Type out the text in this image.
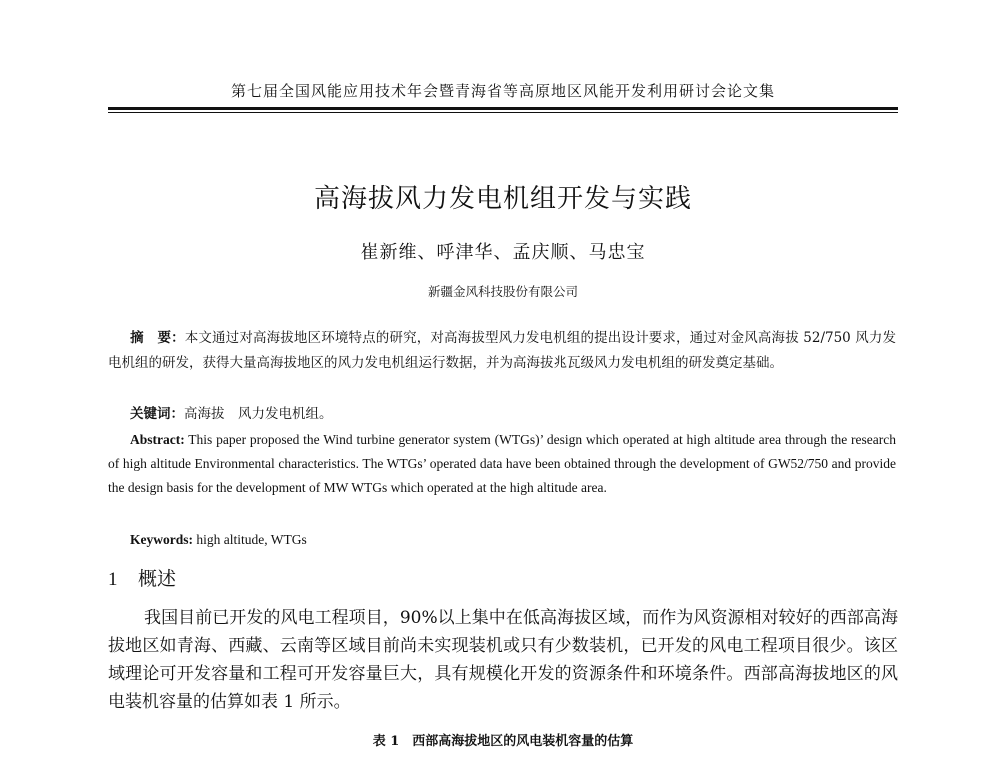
第七届全国风能应用技术年会暨青海省等高原地区风能开发利用研讨会论文集
高海拔风力发电机组开发与实践
崔新维、呼津华、孟庆顺、马忠宝
新疆金风科技股份有限公司
摘　要：本文通过对高海拔地区环境特点的研究，对高海拔型风力发电机组的提出设计要求，通过对金风高海拔 52/750 风力发电机组的研发，获得大量高海拔地区的风力发电机组运行数据，并为高海拔兆瓦级风力发电机组的研发奠定基础。
关键词：高海拔　风力发电机组。
Abstract: This paper proposed the Wind turbine generator system (WTGs)’ design which operated at high altitude area through the research of high altitude Environmental characteristics. The WTGs’ operated data have been obtained through the development of GW52/750 and provide the design basis for the development of MW WTGs which operated at the high altitude area.
Keywords: high altitude, WTGs
1 概述
我国目前已开发的风电工程项目，90%以上集中在低高海拔区域，而作为风资源相对较好的西部高海拔地区如青海、西藏、云南等区域目前尚未实现装机或只有少数装机，已开发的风电工程项目很少。该区域理论可开发容量和工程可开发容量巨大，具有规模化开发的资源条件和环境条件。西部高海拔地区的风电装机容量的估算如表 1 所示。
表 1　西部高海拔地区的风电装机容量的估算
